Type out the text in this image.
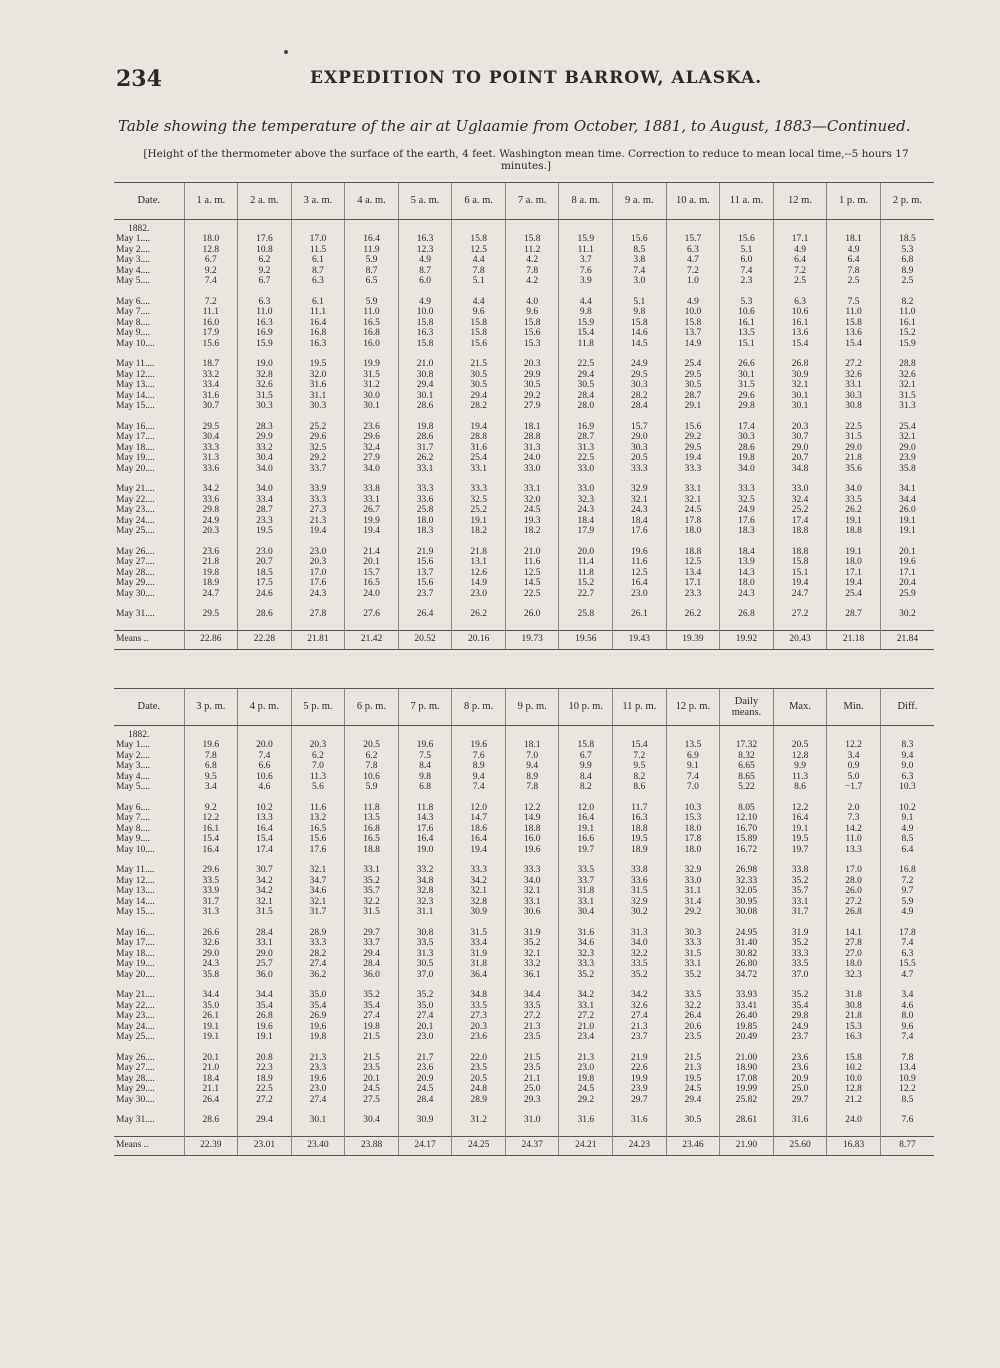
234	EXPEDITION TO POINT BARROW, ALASKA.
Table showing the temperature of the air at Uglaamie from October, 1881, to August, 1883—Continued.
[Height of the thermometer above the surface of the earth, 4 feet. Washington mean time. Correction to reduce to mean local time,--5 hours 17 minutes.]
Date.	1 a. m.	2 a. m.	3 a. m.	4 a. m.	5 a. m.	6 a. m.	7 a. m.	8 a. m.	9 a. m.	10 a. m.	11 a. m.	12 m.	1 p. m.	2 p. m.
1882.														
May 1....	18.0	17.6	17.0	16.4	16.3	15.8	15.8	15.9	15.6	15.7	15.6	17.1	18.1	18.5
May 2....	12.8	10.8	11.5	11.9	12.3	12.5	11.2	11.1	8.5	6.3	5.1	4.9	4.9	5.3
May 3....	6.7	6.2	6.1	5.9	4.9	4.4	4.2	3.7	3.8	4.7	6.0	6.4	6.4	6.8
May 4....	9.2	9.2	8.7	8.7	8.7	7.8	7.8	7.6	7.4	7.2	7.4	7.2	7.8	8.9
May 5....	7.4	6.7	6.3	6.5	6.0	5.1	4.2	3.9	3.0	1.0	2.3	2.5	2.5	2.5

May 6....	7.2	6.3	6.1	5.9	4.9	4.4	4.0	4.4	5.1	4.9	5.3	6.3	7.5	8.2
May 7....	11.1	11.0	11.1	11.0	10.0	9.6	9.6	9.8	9.8	10.0	10.6	10.6	11.0	11.0
May 8....	16.0	16.3	16.4	16.5	15.8	15.8	15.8	15.9	15.8	15.8	16.1	16.1	15.8	16.1
May 9....	17.9	16.9	16.8	16.8	16.3	15.8	15.6	15.4	14.6	13.7	13.5	13.6	13.6	15.2
May 10....	15.6	15.9	16.3	16.0	15.8	15.6	15.3	11.8	14.5	14.9	15.1	15.4	15.4	15.9

May 11....	18.7	19.0	19.5	19.9	21.0	21.5	20.3	22.5	24.9	25.4	26.6	26.8	27.2	28.8
May 12....	33.2	32.8	32.0	31.5	30.8	30.5	29.9	29.4	29.5	29.5	30.1	30.9	32.6	32.6
May 13....	33.4	32.6	31.6	31.2	29.4	30.5	30.5	30.5	30.3	30.5	31.5	32.1	33.1	32.1
May 14....	31.6	31.5	31.1	30.0	30.1	29.4	29.2	28.4	28.2	28.7	29.6	30.1	30.3	31.5
May 15....	30.7	30.3	30.3	30.1	28.6	28.2	27.9	28.0	28.4	29.1	29.8	30.1	30.8	31.3

May 16....	29.5	28.3	25.2	23.6	19.8	19.4	18.1	16.9	15.7	15.6	17.4	20.3	22.5	25.4
May 17....	30.4	29.9	29.6	29.6	28.6	28.8	28.8	28.7	29.0	29.2	30.3	30.7	31.5	32.1
May 18....	33.3	33.2	32.5	32.4	31.7	31.6	31.3	31.3	30.3	29.5	28.6	29.0	29.0	29.0
May 19....	31.3	30.4	29.2	27.9	26.2	25.4	24.0	22.5	20.5	19.4	19.8	20.7	21.8	23.9
May 20....	33.6	34.0	33.7	34.0	33.1	33.1	33.0	33.0	33.3	33.3	34.0	34.8	35.6	35.8

May 21....	34.2	34.0	33.9	33.8	33.3	33.3	33.1	33.0	32.9	33.1	33.3	33.0	34.0	34.1
May 22....	33.6	33.4	33.3	33.1	33.6	32.5	32.0	32.3	32.1	32.1	32.5	32.4	33.5	34.4
May 23....	29.8	28.7	27.3	26.7	25.8	25.2	24.5	24.3	24.3	24.5	24.9	25.2	26.2	26.0
May 24....	24.9	23.3	21.3	19.9	18.0	19.1	19.3	18.4	18.4	17.8	17.6	17.4	19.1	19.1
May 25....	20.3	19.5	19.4	19.4	18.3	18.2	18.2	17.9	17.6	18.0	18.3	18.8	18.8	19.1

May 26....	23.6	23.0	23.0	21.4	21.9	21.8	21.0	20.0	19.6	18.8	18.4	18.8	19.1	20.1
May 27....	21.8	20.7	20.3	20.1	15.6	13.1	11.6	11.4	11.6	12.5	13.9	15.8	18.0	19.6
May 28....	19.8	18.5	17.0	15.7	13.7	12.6	12.5	11.8	12.5	13.4	14.3	15.1	17.1	17.1
May 29....	18.9	17.5	17.6	16.5	15.6	14.9	14.5	15.2	16.4	17.1	18.0	19.4	19.4	20.4
May 30....	24.7	24.6	24.3	24.0	23.7	23.0	22.5	22.7	23.0	23.3	24.3	24.7	25.4	25.9

May 31....	29.5	28.6	27.8	27.6	26.4	26.2	26.0	25.8	26.1	26.2	26.8	27.2	28.7	30.2

Means ..	22.86	22.28	21.81	21.42	20.52	20.16	19.73	19.56	19.43	19.39	19.92	20.43	21.18	21.84
Date.	3 p. m.	4 p. m.	5 p. m.	6 p. m.	7 p. m.	8 p. m.	9 p. m.	10 p. m.	11 p. m.	12 p. m.	Daily means.	Max.	Min.	Diff.
1882.														
May 1....	19.6	20.0	20.3	20.5	19.6	19.6	18.1	15.8	15.4	13.5	17.32	20.5	12.2	8.3
May 2....	7.8	7.4	6.2	6.2	7.5	7.6	7.0	6.7	7.2	6.9	8.32	12.8	3.4	9.4
May 3....	6.8	6.6	7.0	7.8	8.4	8.9	9.4	9.9	9.5	9.1	6.65	9.9	0.9	9.0
May 4....	9.5	10.6	11.3	10.6	9.8	9.4	8.9	8.4	8.2	7.4	8.65	11.3	5.0	6.3
May 5....	3.4	4.6	5.6	5.9	6.8	7.4	7.8	8.2	8.6	7.0	5.22	8.6	−1.7	10.3

May 6....	9.2	10.2	11.6	11.8	11.8	12.0	12.2	12.0	11.7	10.3	8.05	12.2	2.0	10.2
May 7....	12.2	13.3	13.2	13.5	14.3	14.7	14.9	16.4	16.3	15.3	12.10	16.4	7.3	9.1
May 8....	16.1	16.4	16.5	16.8	17.6	18.6	18.8	19.1	18.8	18.0	16.70	19.1	14.2	4.9
May 9....	15.4	15.4	15.6	16.5	16.4	16.4	16.0	16.6	19.5	17.8	15.89	19.5	11.0	8.5
May 10....	16.4	17.4	17.6	18.8	19.0	19.4	19.6	19.7	18.9	18.0	16.72	19.7	13.3	6.4

May 11....	29.6	30.7	32.1	33.1	33.2	33.3	33.3	33.5	33.8	32.9	26.98	33.8	17.0	16.8
May 12....	33.5	34.2	34.7	35.2	34.8	34.2	34.0	33.7	33.6	33.0	32.33	35.2	28.0	7.2
May 13....	33.9	34.2	34.6	35.7	32.8	32.1	32.1	31.8	31.5	31.1	32.05	35.7	26.0	9.7
May 14....	31.7	32.1	32.1	32.2	32.3	32.8	33.1	33.1	32.9	31.4	30.95	33.1	27.2	5.9
May 15....	31.3	31.5	31.7	31.5	31.1	30.9	30.6	30.4	30.2	29.2	30.08	31.7	26.8	4.9

May 16....	26.6	28.4	28.9	29.7	30.8	31.5	31.9	31.6	31.3	30.3	24.95	31.9	14.1	17.8
May 17....	32.6	33.1	33.3	33.7	33.5	33.4	35.2	34.6	34.0	33.3	31.40	35.2	27.8	7.4
May 18....	29.0	29.0	28.2	29.4	31.3	31.9	32.1	32.3	32.2	31.5	30.82	33.3	27.0	6.3
May 19....	24.3	25.7	27.4	28.4	30.5	31.8	33.2	33.3	33.5	33.1	26.80	33.5	18.0	15.5
May 20....	35.8	36.0	36.2	36.0	37.0	36.4	36.1	35.2	35.2	35.2	34.72	37.0	32.3	4.7

May 21....	34.4	34.4	35.0	35.2	35.2	34.8	34.4	34.2	34.2	33.5	33.93	35.2	31.8	3.4
May 22....	35.0	35.4	35.4	35.4	35.0	33.5	33.5	33.1	32.6	32.2	33.41	35.4	30.8	4.6
May 23....	26.1	26.8	26.9	27.4	27.4	27.3	27.2	27.2	27.4	26.4	26.40	29.8	21.8	8.0
May 24....	19.1	19.6	19.6	19.8	20.1	20.3	21.3	21.0	21.3	20.6	19.85	24.9	15.3	9.6
May 25....	19.1	19.1	19.8	21.5	23.0	23.6	23.5	23.4	23.7	23.5	20.49	23.7	16.3	7.4

May 26....	20.1	20.8	21.3	21.5	21.7	22.0	21.5	21.3	21.9	21.5	21.00	23.6	15.8	7.8
May 27....	21.0	22.3	23.3	23.5	23.6	23.5	23.5	23.0	22.6	21.3	18.90	23.6	10.2	13.4
May 28....	18.4	18.9	19.6	20.1	20.9	20.5	21.1	19.8	19.9	19.5	17.08	20.9	10.0	10.9
May 29....	21.1	22.5	23.0	24.5	24.5	24.8	25.0	24.5	23.9	24.5	19.99	25.0	12.8	12.2
May 30....	26.4	27.2	27.4	27.5	28.4	28.9	29.3	29.2	29.7	29.4	25.82	29.7	21.2	8.5

May 31....	28.6	29.4	30.1	30.4	30.9	31.2	31.0	31.6	31.6	30.5	28.61	31.6	24.0	7.6

Means ..	22.39	23.01	23.40	23.88	24.17	24.25	24.37	24.21	24.23	23.46	21.90	25.60	16.83	8.77
